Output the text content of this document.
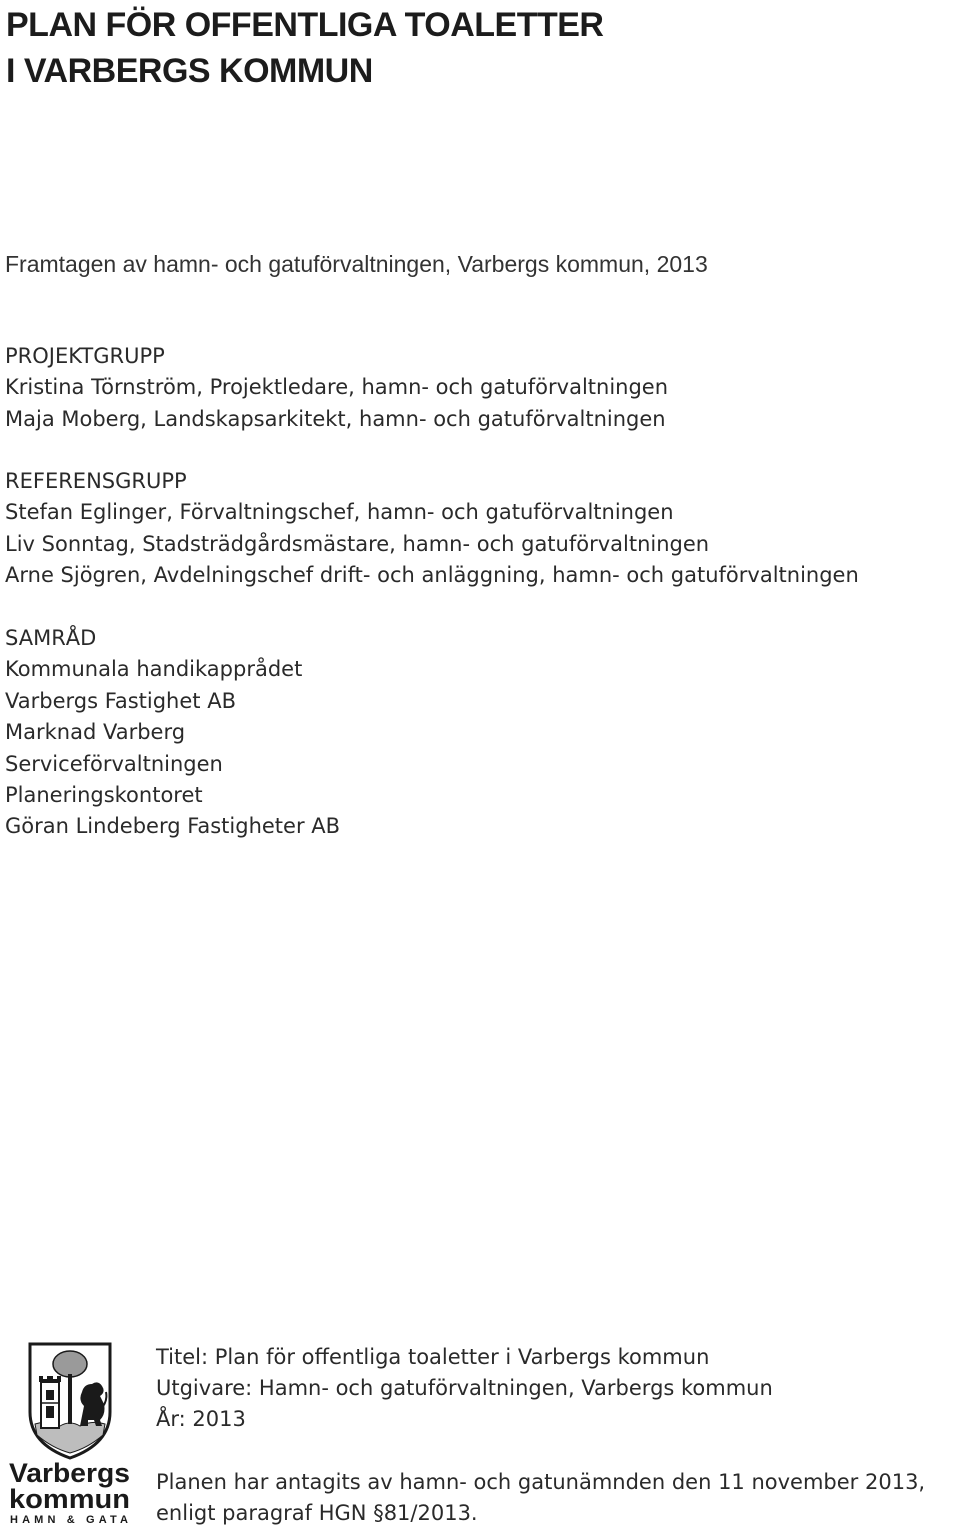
PLAN FÖR OFFENTLIGA TOALETTER
I VARBERGS KOMMUN
Framtagen av hamn- och gatuförvaltningen, Varbergs kommun, 2013
PROJEKTGRUPP
Kristina Törnström, Projektledare, hamn- och gatuförvaltningen
Maja Moberg, Landskapsarkitekt, hamn- och gatuförvaltningen
REFERENSGRUPP
Stefan Eglinger, Förvaltningschef, hamn- och gatuförvaltningen
Liv Sonntag, Stadsträdgårdsmästare, hamn- och gatuförvaltningen
Arne Sjögren, Avdelningschef drift- och anläggning, hamn- och gatuförvaltningen
SAMRÅD
Kommunala handikapprådet
Varbergs Fastighet AB
Marknad Varberg
Serviceförvaltningen
Planeringskontoret
Göran Lindeberg Fastigheter AB
Varbergs
kommun
HAMN & GATA
Titel: Plan för offentliga toaletter i Varbergs kommun
Utgivare: Hamn- och gatuförvaltningen, Varbergs kommun
År: 2013
Planen har antagits av hamn- och gatunämnden den 11 november 2013,
enligt paragraf HGN §81/2013.
